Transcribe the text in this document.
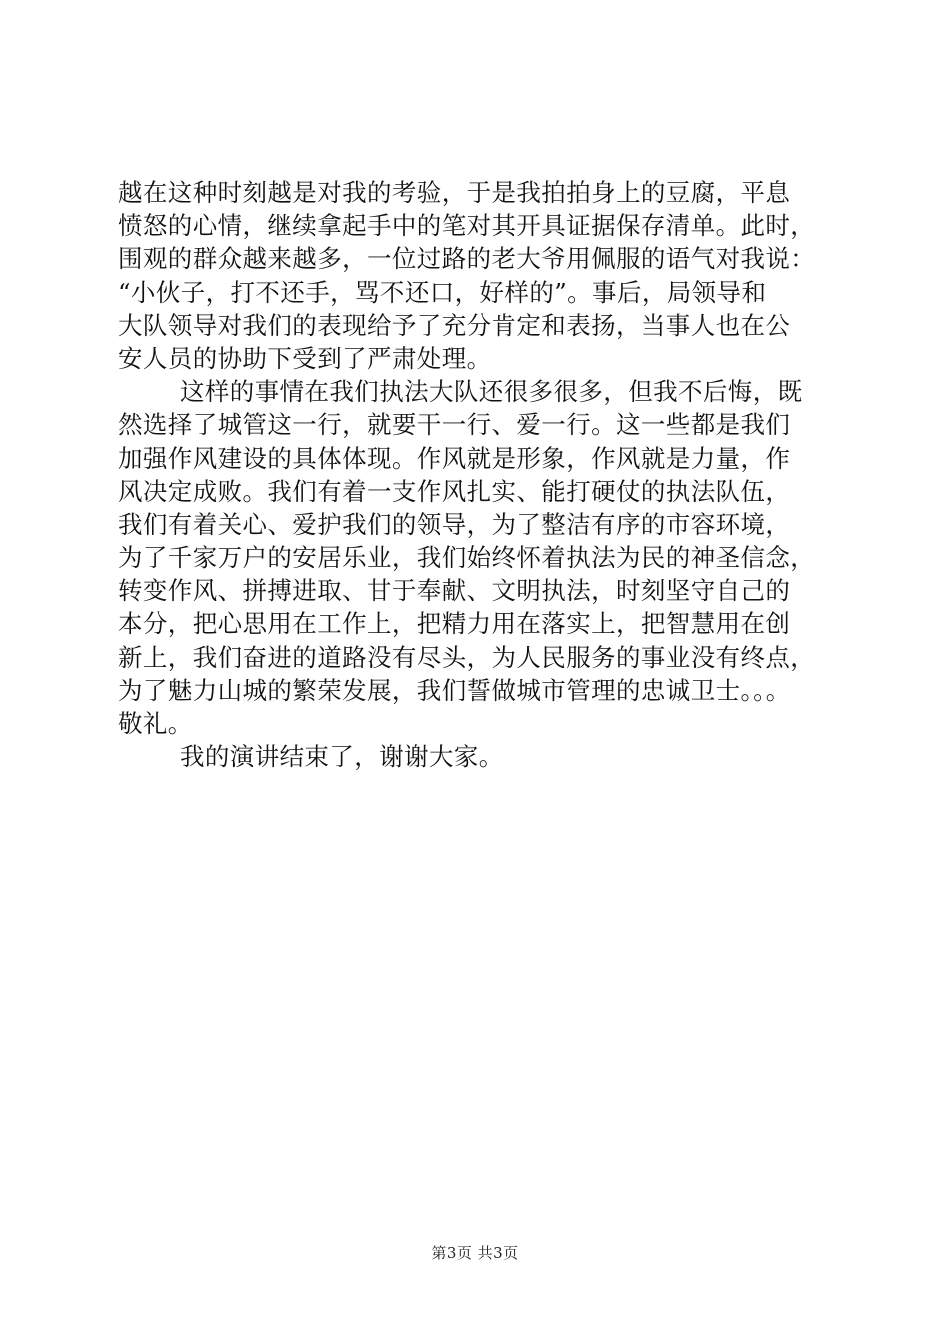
越在这种时刻越是对我的考验，于是我拍拍身上的豆腐，平息
愤怒的心情，继续拿起手中的笔对其开具证据保存清单。此时，
围观的群众越来越多，一位过路的老大爷用佩服的语气对我说：
“小伙子，打不还手，骂不还口，好样的”。事后，局领导和
大队领导对我们的表现给予了充分肯定和表扬，当事人也在公
安人员的协助下受到了严肃处理。
这样的事情在我们执法大队还很多很多，但我不后悔，既
然选择了城管这一行，就要干一行、爱一行。这一些都是我们
加强作风建设的具体体现。作风就是形象，作风就是力量，作
风决定成败。我们有着一支作风扎实、能打硬仗的执法队伍，
我们有着关心、爱护我们的领导，为了整洁有序的市容环境，
为了千家万户的安居乐业，我们始终怀着执法为民的神圣信念，
转变作风、拼搏进取、甘于奉献、文明执法，时刻坚守自己的
本分，把心思用在工作上，把精力用在落实上，把智慧用在创
新上，我们奋进的道路没有尽头，为人民服务的事业没有终点，
为了魅力山城的繁荣发展，我们誓做城市管理的忠诚卫士。。。
敬礼。
我的演讲结束了，谢谢大家。
第3页 共3页
